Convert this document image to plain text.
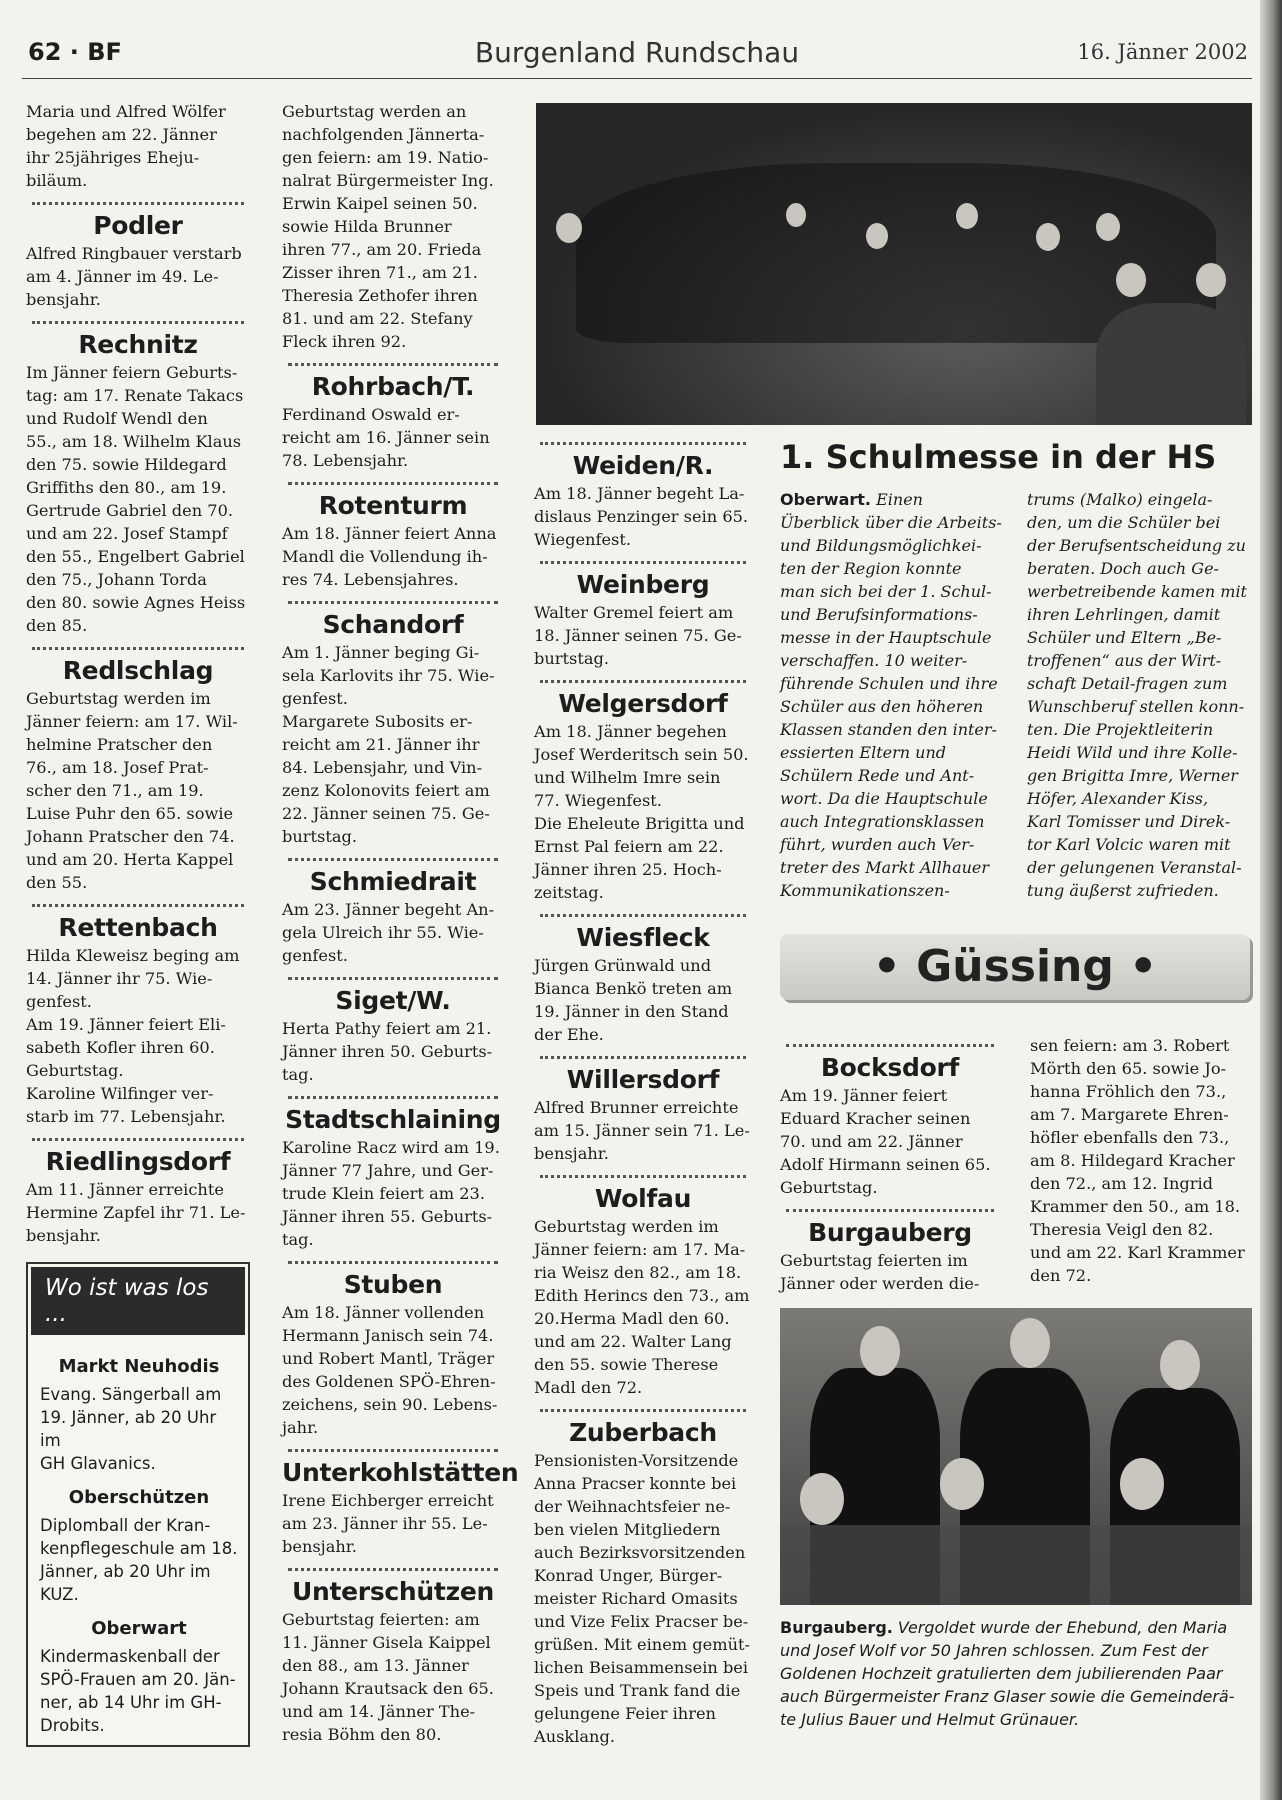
62 · BF	Burgenland Rundschau	16. Jänner 2002

Maria und Alfred Wölfer
begehen am 22. Jänner
ihr 25jähriges Eheju-
biläum.

Podler

Alfred Ringbauer verstarb
am 4. Jänner im 49. Le-
bensjahr.

Rechnitz

Im Jänner feiern Geburts-
tag: am 17. Renate Takacs
und Rudolf Wendl den
55., am 18. Wilhelm Klaus
den 75. sowie Hildegard
Griffiths den 80., am 19.
Gertrude Gabriel den 70.
und am 22. Josef Stampf
den 55., Engelbert Gabriel
den 75., Johann Torda
den 80. sowie Agnes Heiss
den 85.

Redlschlag

Geburtstag werden im
Jänner feiern: am 17. Wil-
helmine Pratscher den
76., am 18. Josef Prat-
scher den 71., am 19.
Luise Puhr den 65. sowie
Johann Pratscher den 74.
und am 20. Herta Kappel
den 55.

Rettenbach

Hilda Kleweisz beging am
14. Jänner ihr 75. Wie-
genfest.
Am 19. Jänner feiert Eli-
sabeth Kofler ihren 60.
Geburtstag.
Karoline Wilfinger ver-
starb im 77. Lebensjahr.

Riedlingsdorf

Am 11. Jänner erreichte
Hermine Zapfel ihr 71. Le-
bensjahr.

Geburtstag werden an
nachfolgenden Jännerta-
gen feiern: am 19. Natio-
nalrat Bürgermeister Ing.
Erwin Kaipel seinen 50.
sowie Hilda Brunner
ihren 77., am 20. Frieda
Zisser ihren 71., am 21.
Theresia Zethofer ihren
81. und am 22. Stefany
Fleck ihren 92.

Rohrbach/T.

Ferdinand Oswald er-
reicht am 16. Jänner sein
78. Lebensjahr.

Rotenturm

Am 18. Jänner feiert Anna
Mandl die Vollendung ih-
res 74. Lebensjahres.

Schandorf

Am 1. Jänner beging Gi-
sela Karlovits ihr 75. Wie-
genfest.
Margarete Subosits er-
reicht am 21. Jänner ihr
84. Lebensjahr, und Vin-
zenz Kolonovits feiert am
22. Jänner seinen 75. Ge-
burtstag.

Schmiedrait

Am 23. Jänner begeht An-
gela Ulreich ihr 55. Wie-
genfest.

Siget/W.

Herta Pathy feiert am 21.
Jänner ihren 50. Geburts-
tag.

Stadtschlaining

Karoline Racz wird am 19.
Jänner 77 Jahre, und Ger-
trude Klein feiert am 23.
Jänner ihren 55. Geburts-
tag.

Stuben

Am 18. Jänner vollenden
Hermann Janisch sein 74.
und Robert Mantl, Träger
des Goldenen SPÖ-Ehren-
zeichens, sein 90. Lebens-
jahr.

Unterkohlstätten

Irene Eichberger erreicht
am 23. Jänner ihr 55. Le-
bensjahr.

Unterschützen

Geburtstag feierten: am
11. Jänner Gisela Kaippel
den 88., am 13. Jänner
Johann Krautsack den 65.
und am 14. Jänner The-
resia Böhm den 80.

Weiden/R.

Am 18. Jänner begeht La-
dislaus Penzinger sein 65.
Wiegenfest.

Weinberg

Walter Gremel feiert am
18. Jänner seinen 75. Ge-
burtstag.

Welgersdorf

Am 18. Jänner begehen
Josef Werderitsch sein 50.
und Wilhelm Imre sein
77. Wiegenfest.
Die Eheleute Brigitta und
Ernst Pal feiern am 22.
Jänner ihren 25. Hoch-
zeitstag.

Wiesfleck

Jürgen Grünwald und
Bianca Benkö treten am
19. Jänner in den Stand
der Ehe.

Willersdorf

Alfred Brunner erreichte
am 15. Jänner sein 71. Le-
bensjahr.

Wolfau

Geburtstag werden im
Jänner feiern: am 17. Ma-
ria Weisz den 82., am 18.
Edith Herincs den 73., am
20.Herma Madl den 60.
und am 22. Walter Lang
den 55. sowie Therese
Madl den 72.

Zuberbach

Pensionisten-Vorsitzende
Anna Pracser konnte bei
der Weihnachtsfeier ne-
ben vielen Mitgliedern
auch Bezirksvorsitzenden
Konrad Unger, Bürger-
meister Richard Omasits
und Vize Felix Pracser be-
grüßen. Mit einem gemüt-
lichen Beisammensein bei
Speis und Trank fand die
gelungene Feier ihren
Ausklang.

1. Schulmesse in der HS
Oberwart. Einen
Überblick über die Arbeits-
und Bildungsmöglichkei-
ten der Region konnte
man sich bei der 1. Schul-
und Berufsinformations-
messe in der Hauptschule
verschaffen. 10 weiter-
führende Schulen und ihre
Schüler aus den höheren
Klassen standen den inter-
essierten Eltern und
Schülern Rede und Ant-
wort. Da die Hauptschule
auch Integrationsklassen
führt, wurden auch Ver-
treter des Markt Allhauer
Kommunikationszen-
trums (Malko) eingela-
den, um die Schüler bei
der Berufsentscheidung zu
beraten. Doch auch Ge-
werbetreibende kamen mit
ihren Lehrlingen, damit
Schüler und Eltern „Be-
troffenen“ aus der Wirt-
schaft Detail-fragen zum
Wunschberuf stellen konn-
ten. Die Projektleiterin
Heidi Wild und ihre Kolle-
gen Brigitta Imre, Werner
Höfer, Alexander Kiss,
Karl Tomisser und Direk-
tor Karl Volcic waren mit
der gelungenen Veranstal-
tung äußerst zufrieden.
• Güssing •
Bocksdorf

Am 19. Jänner feiert
Eduard Kracher seinen
70. und am 22. Jänner
Adolf Hirmann seinen 65.
Geburtstag.

Burgauberg

Geburtstag feierten im
Jänner oder werden die-

sen feiern: am 3. Robert
Mörth den 65. sowie Jo-
hanna Fröhlich den 73.,
am 7. Margarete Ehren-
höfler ebenfalls den 73.,
am 8. Hildegard Kracher
den 72., am 12. Ingrid
Krammer den 50., am 18.
Theresia Veigl den 82.
und am 22. Karl Krammer
den 72.

Burgauberg. Vergoldet wurde der Ehebund, den Maria
und Josef Wolf vor 50 Jahren schlossen. Zum Fest der
Goldenen Hochzeit gratulierten dem jubilierenden Paar
auch Bürgermeister Franz Glaser sowie die Gemeinderä-
te Julius Bauer und Helmut Grünauer.
Wo ist was los ...
Markt Neuhodis

Evang. Sängerball am
19. Jänner, ab 20 Uhr im
GH Glavanics.

Oberschützen

Diplomball der Kran-
kenpflegeschule am 18.
Jänner, ab 20 Uhr im
KUZ.

Oberwart

Kindermaskenball der
SPÖ-Frauen am 20. Jän-
ner, ab 14 Uhr im GH-
Drobits.
